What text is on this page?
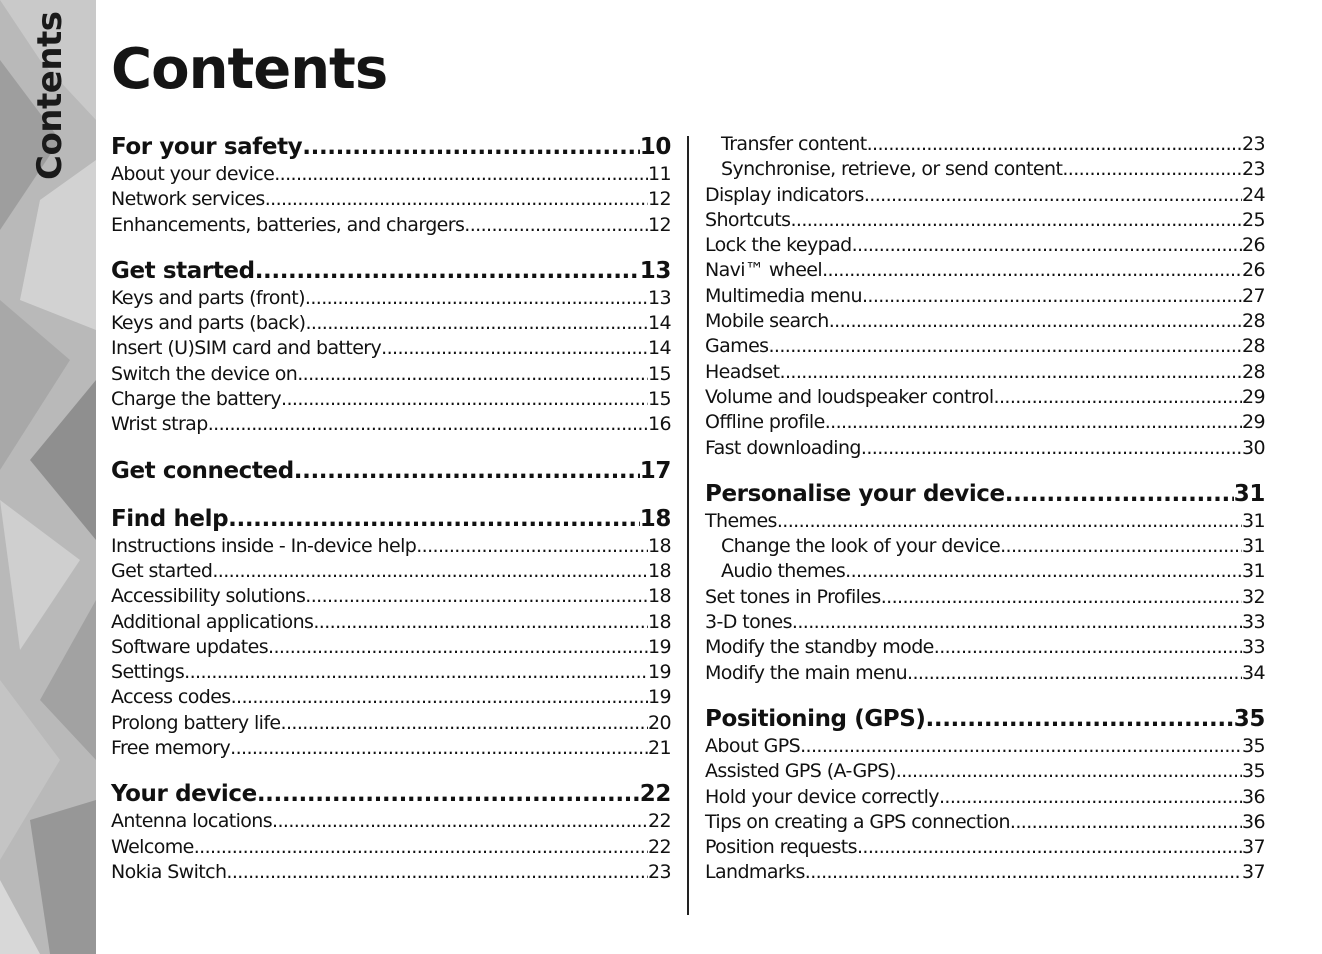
Contents Contents
For your safety .....	10
About your device .....	11
Network services .....	12
Enhancements, batteries, and chargers .....	12
Get started .....	13
Keys and parts (front) .....	13
Keys and parts (back) .....	14
Insert (U)SIM card and battery .....	14
Switch the device on .....	15
Charge the battery .....	15
Wrist strap .....	16
Get connected .....	17
Find help .....	18
Instructions inside - In-device help .....	18
Get started .....	18
Accessibility solutions .....	18
Additional applications .....	18
Software updates .....	19
Settings .....	19
Access codes .....	19
Prolong battery life .....	20
Free memory .....	21
Your device .....	22
Antenna locations .....	22
Welcome .....	22
Nokia Switch .....	23
Transfer content .....	23
Synchronise, retrieve, or send content .....	23
Display indicators .....	24
Shortcuts .....	25
Lock the keypad .....	26
Navi™ wheel .....	26
Multimedia menu .....	27
Mobile search .....	28
Games .....	28
Headset .....	28
Volume and loudspeaker control .....	29
Offline profile .....	29
Fast downloading .....	30
Personalise your device .....	31
Themes .....	31
Change the look of your device .....	31
Audio themes .....	31
Set tones in Profiles .....	32
3-D tones .....	33
Modify the standby mode .....	33
Modify the main menu .....	34
Positioning (GPS) .....	35
About GPS .....	35
Assisted GPS (A-GPS) .....	35
Hold your device correctly .....	36
Tips on creating a GPS connection .....	36
Position requests .....	37
Landmarks .....	37
